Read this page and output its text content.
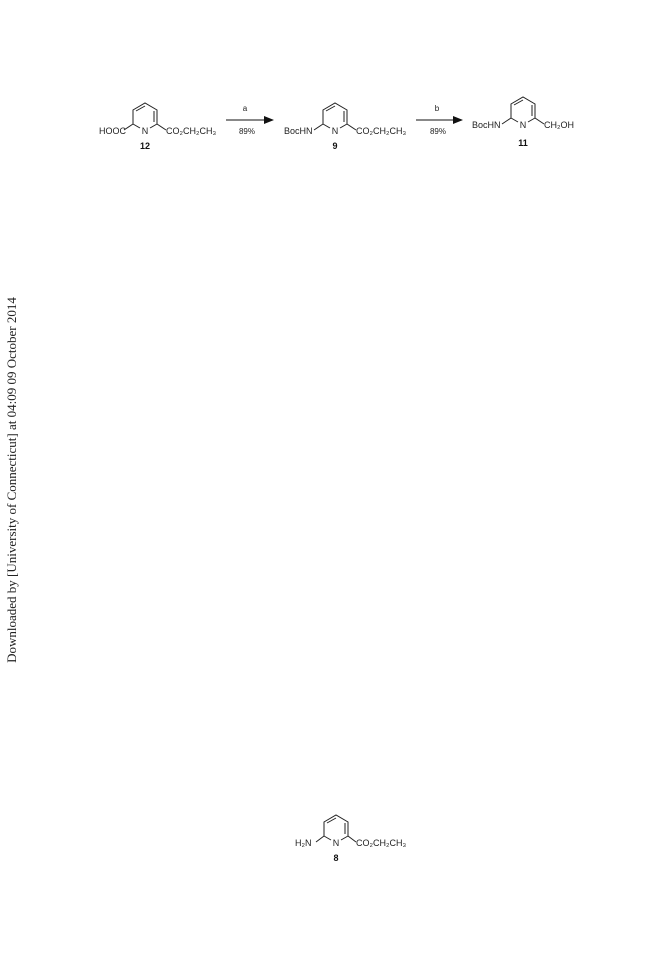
Downloaded by [University of Connecticut] at 04:09 09 October 2014
N
HOOC	CO₂CH₂CH₃
12
a
89%	N
BocHN	CO₂CH₂CH₃
9
b
89%
N
BocHN	CH₂OH
11
N
H₂N	CO₂CH₂CH₃
8
